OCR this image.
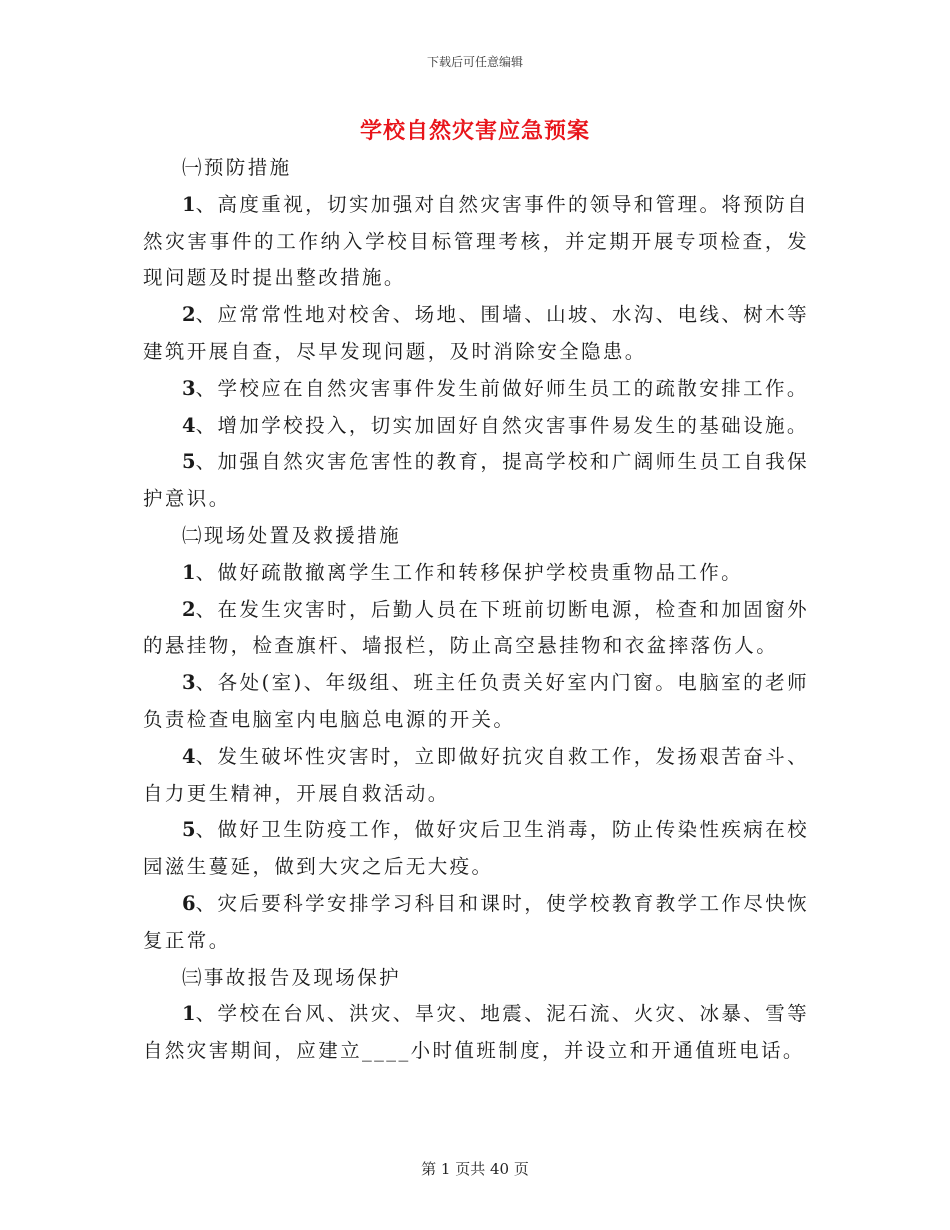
下载后可任意编辑
学校自然灾害应急预案

㈠预防措施

1、高度重视，切实加强对自然灾害事件的领导和管理。将预防自然灾害事件的工作纳入学校目标管理考核，并定期开展专项检查，发现问题及时提出整改措施。

2、应常常性地对校舍、场地、围墙、山坡、水沟、电线、树木等建筑开展自查，尽早发现问题，及时消除安全隐患。

3、学校应在自然灾害事件发生前做好师生员工的疏散安排工作。

4、增加学校投入，切实加固好自然灾害事件易发生的基础设施。

5、加强自然灾害危害性的教育，提高学校和广阔师生员工自我保护意识。

㈡现场处置及救援措施

1、做好疏散撤离学生工作和转移保护学校贵重物品工作。

2、在发生灾害时，后勤人员在下班前切断电源，检查和加固窗外的悬挂物，检查旗杆、墙报栏，防止高空悬挂物和衣盆摔落伤人。

3、各处(室)、年级组、班主任负责关好室内门窗。电脑室的老师负责检查电脑室内电脑总电源的开关。

4、发生破坏性灾害时，立即做好抗灾自救工作，发扬艰苦奋斗、自力更生精神，开展自救活动。

5、做好卫生防疫工作，做好灾后卫生消毒，防止传染性疾病在校园滋生蔓延，做到大灾之后无大疫。

6、灾后要科学安排学习科目和课时，使学校教育教学工作尽快恢复正常。

㈢事故报告及现场保护

1、学校在台风、洪灾、旱灾、地震、泥石流、火灾、冰暴、雪等自然灾害期间，应建立____小时值班制度，并设立和开通值班电话。

第 1 页共 40 页
